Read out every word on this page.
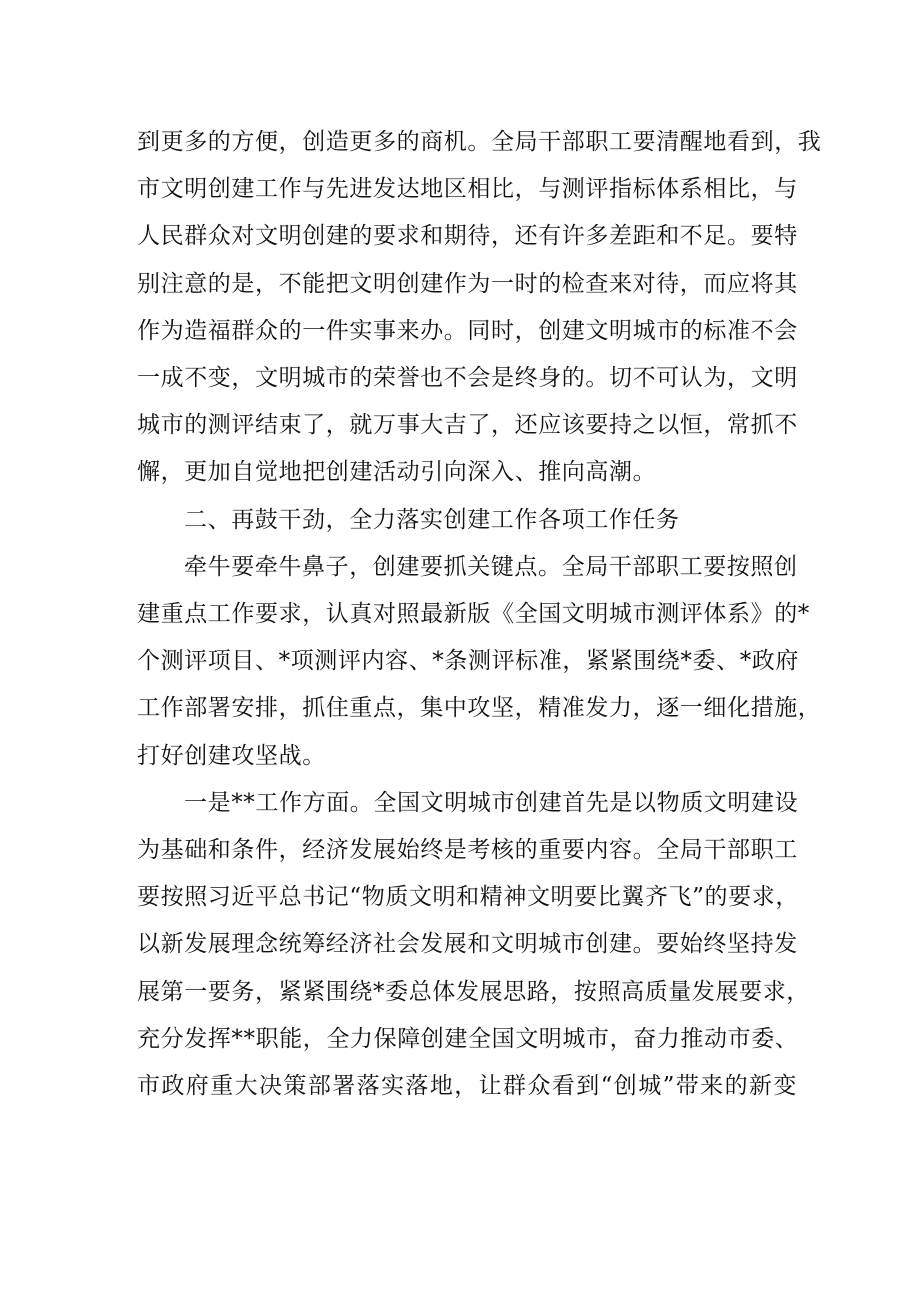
到更多的方便，创造更多的商机。全局干部职工要清醒地看到，我
市文明创建工作与先进发达地区相比，与测评指标体系相比，与
人民群众对文明创建的要求和期待，还有许多差距和不足。要特
别注意的是，不能把文明创建作为一时的检查来对待，而应将其
作为造福群众的一件实事来办。同时，创建文明城市的标准不会
一成不变，文明城市的荣誉也不会是终身的。切不可认为，文明
城市的测评结束了，就万事大吉了，还应该要持之以恒，常抓不
懈，更加自觉地把创建活动引向深入、推向高潮。
二、再鼓干劲，全力落实创建工作各项工作任务
牵牛要牵牛鼻子，创建要抓关键点。全局干部职工要按照创
建重点工作要求，认真对照最新版《全国文明城市测评体系》的*
个测评项目、*项测评内容、*条测评标准，紧紧围绕*委、*政府
工作部署安排，抓住重点，集中攻坚，精准发力，逐一细化措施，
打好创建攻坚战。
一是**工作方面。全国文明城市创建首先是以物质文明建设
为基础和条件，经济发展始终是考核的重要内容。全局干部职工
要按照习近平总书记“物质文明和精神文明要比翼齐飞”的要求，
以新发展理念统筹经济社会发展和文明城市创建。要始终坚持发
展第一要务，紧紧围绕*委总体发展思路，按照高质量发展要求，
充分发挥**职能，全力保障创建全国文明城市，奋力推动市委、
市政府重大决策部署落实落地，让群众看到“创城”带来的新变
